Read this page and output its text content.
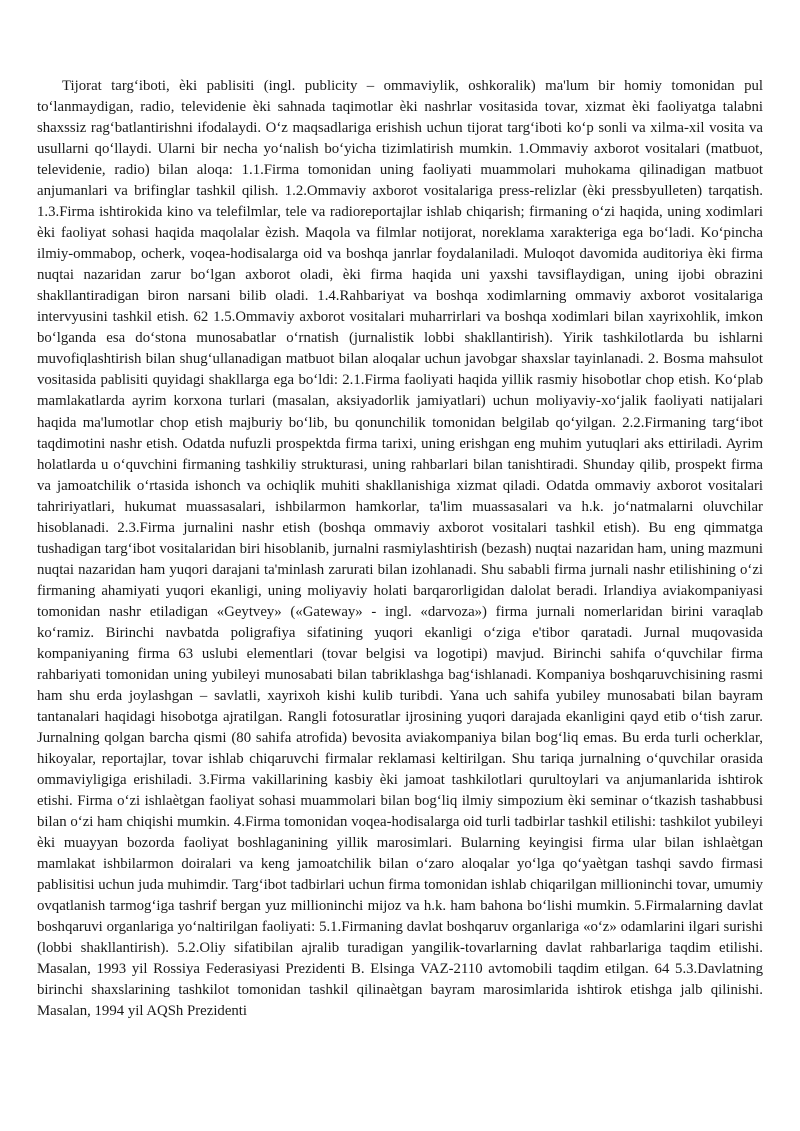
Tijorat targ‘iboti, èki pablisiti (ingl. publicity – ommaviylik, oshkoralik) ma'lum bir homiy tomonidan pul to‘lanmaydigan, radio, televidenie èki sahnada taqimotlar èki nashrlar vositasida tovar, xizmat èki faoliyatga talabni shaxssiz rag‘batlantirishni ifodalaydi. O‘z maqsadlariga erishish uchun tijorat targ‘iboti ko‘p sonli va xilma-xil vosita va usullarni qo‘llaydi. Ularni bir necha yo‘nalish bo‘yicha tizimlatirish mumkin. 1.Ommaviy axborot vositalari (matbuot, televidenie, radio) bilan aloqa: 1.1.Firma tomonidan uning faoliyati muammolari muhokama qilinadigan matbuot anjumanlari va brifinglar tashkil qilish. 1.2.Ommaviy axborot vositalariga press-relizlar (èki pressbyulleten) tarqatish. 1.3.Firma ishtirokida kino va telefilmlar, tele va radioreportajlar ishlab chiqarish; firmaning o‘zi haqida, uning xodimlari èki faoliyat sohasi haqida maqolalar èzish. Maqola va filmlar notijorat, noreklama xarakteriga ega bo‘ladi. Ko‘pincha ilmiy-ommabop, ocherk, voqea-hodisalarga oid va boshqa janrlar foydalaniladi. Muloqot davomida auditoriya èki firma nuqtai nazaridan zarur bo‘lgan axborot oladi, èki firma haqida uni yaxshi tavsiflaydigan, uning ijobi obrazini shakllantiradigan biron narsani bilib oladi. 1.4.Rahbariyat va boshqa xodimlarning ommaviy axborot vositalariga intervyusini tashkil etish. 62 1.5.Ommaviy axborot vositalari muharrirlari va boshqa xodimlari bilan xayrixohlik, imkon bo‘lganda esa do‘stona munosabatlar o‘rnatish (jurnalistik lobbi shakllantirish). Yirik tashkilotlarda bu ishlarni muvofiqlashtirish bilan shug‘ullanadigan matbuot bilan aloqalar uchun javobgar shaxslar tayinlanadi. 2. Bosma mahsulot vositasida pablisiti quyidagi shakllarga ega bo‘ldi: 2.1.Firma faoliyati haqida yillik rasmiy hisobotlar chop etish. Ko‘plab mamlakatlarda ayrim korxona turlari (masalan, aksiyadorlik jamiyatlari) uchun moliyaviy-xo‘jalik faoliyati natijalari haqida ma'lumotlar chop etish majburiy bo‘lib, bu qonunchilik tomonidan belgilab qo‘yilgan. 2.2.Firmaning targ‘ibot taqdimotini nashr etish. Odatda nufuzli prospektda firma tarixi, uning erishgan eng muhim yutuqlari aks ettiriladi. Ayrim holatlarda u o‘quvchini firmaning tashkiliy strukturasi, uning rahbarlari bilan tanishtiradi. Shunday qilib, prospekt firma va jamoatchilik o‘rtasida ishonch va ochiqlik muhiti shakllanishiga xizmat qiladi. Odatda ommaviy axborot vositalari tahririyatlari, hukumat muassasalari, ishbilarmon hamkorlar, ta'lim muassasalari va h.k. jo‘natmalarni oluvchilar hisoblanadi. 2.3.Firma jurnalini nashr etish (boshqa ommaviy axborot vositalari tashkil etish). Bu eng qimmatga tushadigan targ‘ibot vositalaridan biri hisoblanib, jurnalni rasmiylashtirish (bezash) nuqtai nazaridan ham, uning mazmuni nuqtai nazaridan ham yuqori darajani ta'minlash zarurati bilan izohlanadi. Shu sababli firma jurnali nashr etilishining o‘zi firmaning ahamiyati yuqori ekanligi, uning moliyaviy holati barqarorligidan dalolat beradi. Irlandiya aviakompaniyasi tomonidan nashr etiladigan «Geytvey» («Gateway» - ingl. «darvoza») firma jurnali nomerlaridan birini varaqlab ko‘ramiz. Birinchi navbatda poligrafiya sifatining yuqori ekanligi o‘ziga e'tibor qaratadi. Jurnal muqovasida kompaniyaning firma 63 uslubi elementlari (tovar belgisi va logotipi) mavjud. Birinchi sahifa o‘quvchilar firma rahbariyati tomonidan uning yubileyi munosabati bilan tabriklashga bag‘ishlanadi. Kompaniya boshqaruvchisining rasmi ham shu erda joylashgan – savlatli, xayrixoh kishi kulib turibdi. Yana uch sahifa yubiley munosabati bilan bayram tantanalari haqidagi hisobotga ajratilgan. Rangli fotosuratlar ijrosining yuqori darajada ekanligini qayd etib o‘tish zarur. Jurnalning qolgan barcha qismi (80 sahifa atrofida) bevosita aviakompaniya bilan bog‘liq emas. Bu erda turli ocherklar, hikoyalar, reportajlar, tovar ishlab chiqaruvchi firmalar reklamasi keltirilgan. Shu tariqa jurnalning o‘quvchilar orasida ommaviyligiga erishiladi. 3.Firma vakillarining kasbiy èki jamoat tashkilotlari qurultoylari va anjumanlarida ishtirok etishi. Firma o‘zi ishlaètgan faoliyat sohasi muammolari bilan bog‘liq ilmiy simpozium èki seminar o‘tkazish tashabbusi bilan o‘zi ham chiqishi mumkin. 4.Firma tomonidan voqea-hodisalarga oid turli tadbirlar tashkil etilishi: tashkilot yubileyi èki muayyan bozorda faoliyat boshlaganining yillik marosimlari. Bularning keyingisi firma ular bilan ishlaètgan mamlakat ishbilarmon doiralari va keng jamoatchilik bilan o‘zaro aloqalar yo‘lga qo‘yaètgan tashqi savdo firmasi pablisitisi uchun juda muhimdir. Targ‘ibot tadbirlari uchun firma tomonidan ishlab chiqarilgan millioninchi tovar, umumiy ovqatlanish tarmog‘iga tashrif bergan yuz millioninchi mijoz va h.k. ham bahona bo‘lishi mumkin. 5.Firmalarning davlat boshqaruvi organlariga yo‘naltirilgan faoliyati: 5.1.Firmaning davlat boshqaruv organlariga «o‘z» odamlarini ilgari surishi (lobbi shakllantirish). 5.2.Oliy sifatibilan ajralib turadigan yangilik-tovarlarning davlat rahbarlariga taqdim etilishi. Masalan, 1993 yil Rossiya Federasiyasi Prezidenti B. Elsinga VAZ-2110 avtomobili taqdim etilgan. 64 5.3.Davlatning birinchi shaxslarining tashkilot tomonidan tashkil qilinaètgan bayram marosimlarida ishtirok etishga jalb qilinishi. Masalan, 1994 yil AQSh Prezidenti
